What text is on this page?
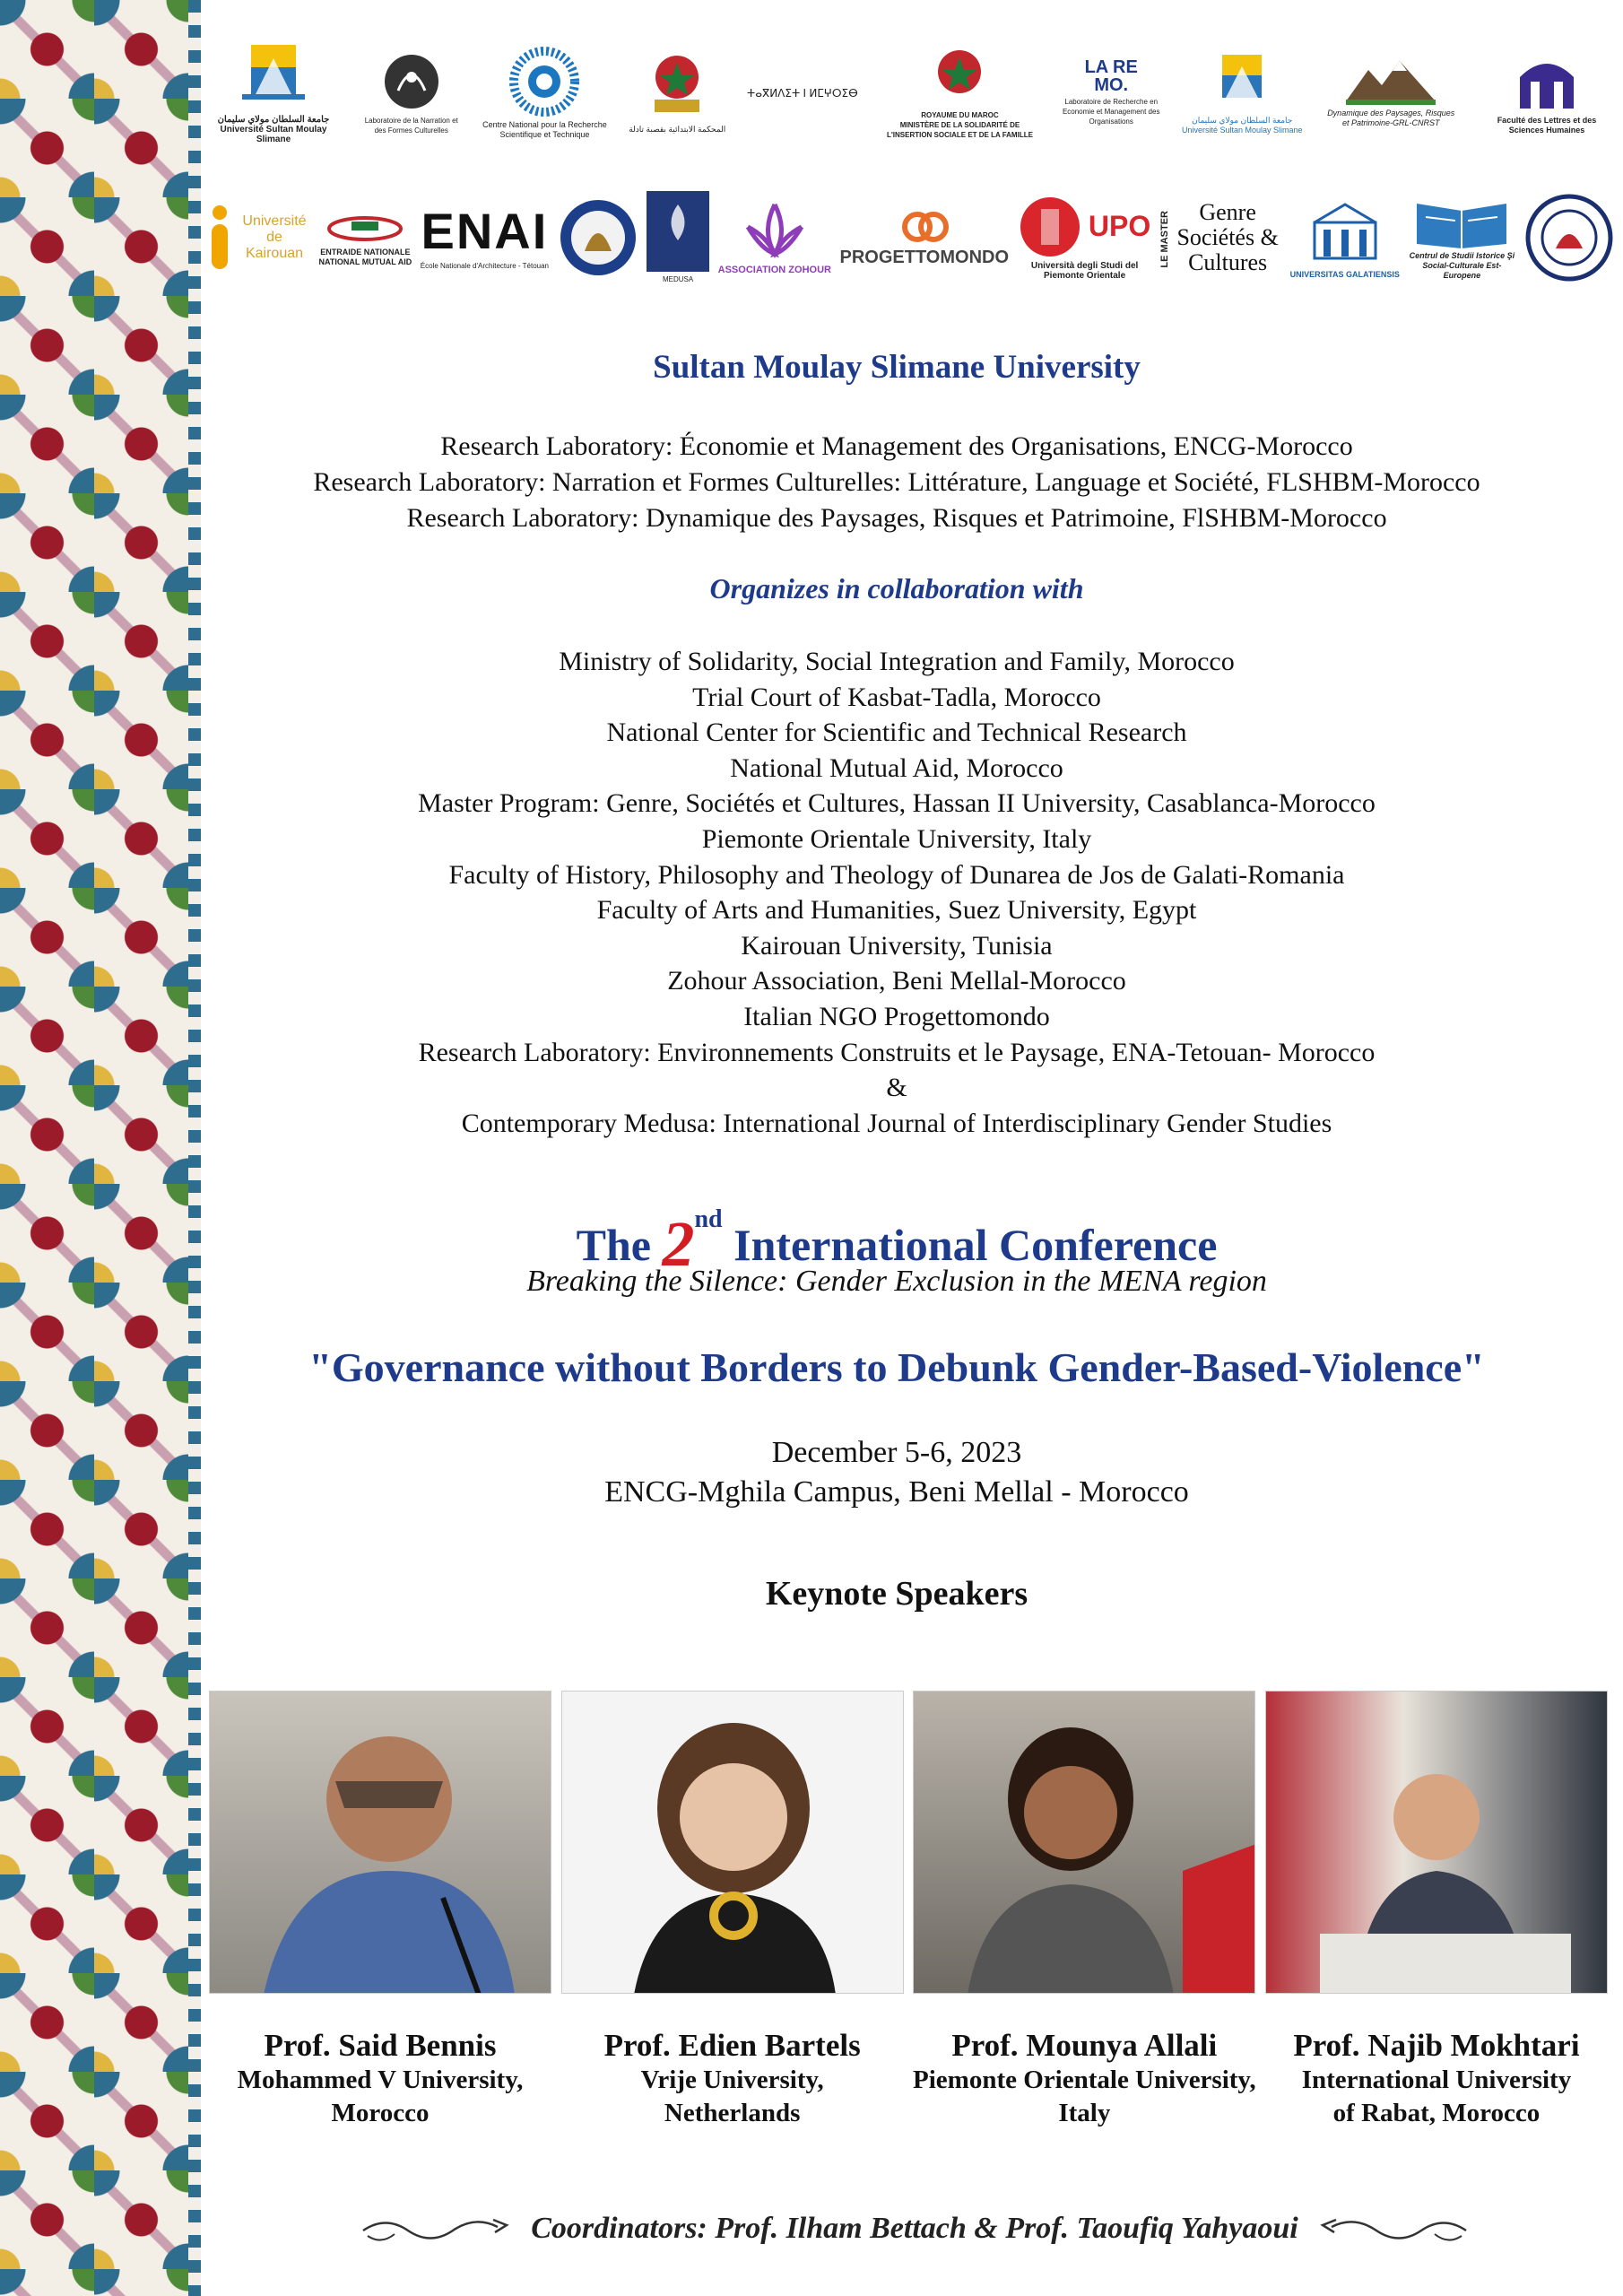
جامعة السلطان مولاي سليمان
Université Sultan Moulay Slimane
Laboratoire de la Narration et des Formes Culturelles
Centre National pour la Recherche Scientifique et Technique
المحكمة الابتدائية بقصبة تادلة
ⵜⴰⴳⵍⴷⵉⵜ ⵏ ⵍⵎⵖⵔⵉⴱ
ROYAUME DU MAROC
MINISTÈRE DE LA SOLIDARITÉ DE L'INSERTION SOCIALE ET DE LA FAMILLE
LA RE MO.
Laboratoire de Recherche en Economie et Management des Organisations	جامعة السلطان مولاي سليمان
Université Sultan Moulay Slimane
Dynamique des Paysages, Risques et Patrimoine-GRL-CNRST	Faculté des Lettres et des Sciences Humaines
Université de Kairouan	ENTRAIDE NATIONALE
NATIONAL MUTUAL AID
ENAI
École Nationale d'Architecture - Tétouan
MEDUSA
ASSOCIATION ZOHOUR
PROGETTOMONDO
UPO
Università degli Studi del Piemonte Orientale
LE MASTER	Genre Sociétés & Cultures	UNIVERSITAS GALATIENSIS
Centrul de Studii Istorice Şi Social-Culturale Est-Europene
Sultan Moulay Slimane University
Research Laboratory: Économie et Management des Organisations, ENCG-Morocco
Research Laboratory: Narration et Formes Culturelles: Littérature, Language et Société, FLSHBM-Morocco
Research Laboratory: Dynamique des Paysages, Risques et Patrimoine, FlSHBM-Morocco
Organizes in collaboration with
Ministry of Solidarity, Social Integration and Family, Morocco
Trial Court of Kasbat-Tadla, Morocco
National Center for Scientific and Technical Research
National Mutual Aid, Morocco
Master Program: Genre, Sociétés et Cultures, Hassan II University, Casablanca-Morocco
Piemonte Orientale University, Italy
Faculty of History, Philosophy and Theology of Dunarea de Jos de Galati-Romania
Faculty of Arts and Humanities, Suez University, Egypt
Kairouan University, Tunisia
Zohour Association, Beni Mellal-Morocco
Italian NGO Progettomondo
Research Laboratory: Environnements Construits et le Paysage, ENA-Tetouan- Morocco
&
Contemporary Medusa: International Journal of Interdisciplinary Gender Studies
The 2nd International Conference
Breaking the Silence: Gender Exclusion in the MENA region
"Governance without Borders to Debunk Gender-Based-Violence"
December 5-6, 2023
ENCG-Mghila Campus, Beni Mellal - Morocco
Keynote Speakers
Prof. Said Bennis
Mohammed V University,
Morocco
Prof. Edien Bartels
Vrije University,
Netherlands
Prof. Mounya Allali
Piemonte Orientale University,
Italy
Prof. Najib Mokhtari
International University
of Rabat, Morocco
Coordinators: Prof. Ilham Bettach & Prof. Taoufiq Yahyaoui
